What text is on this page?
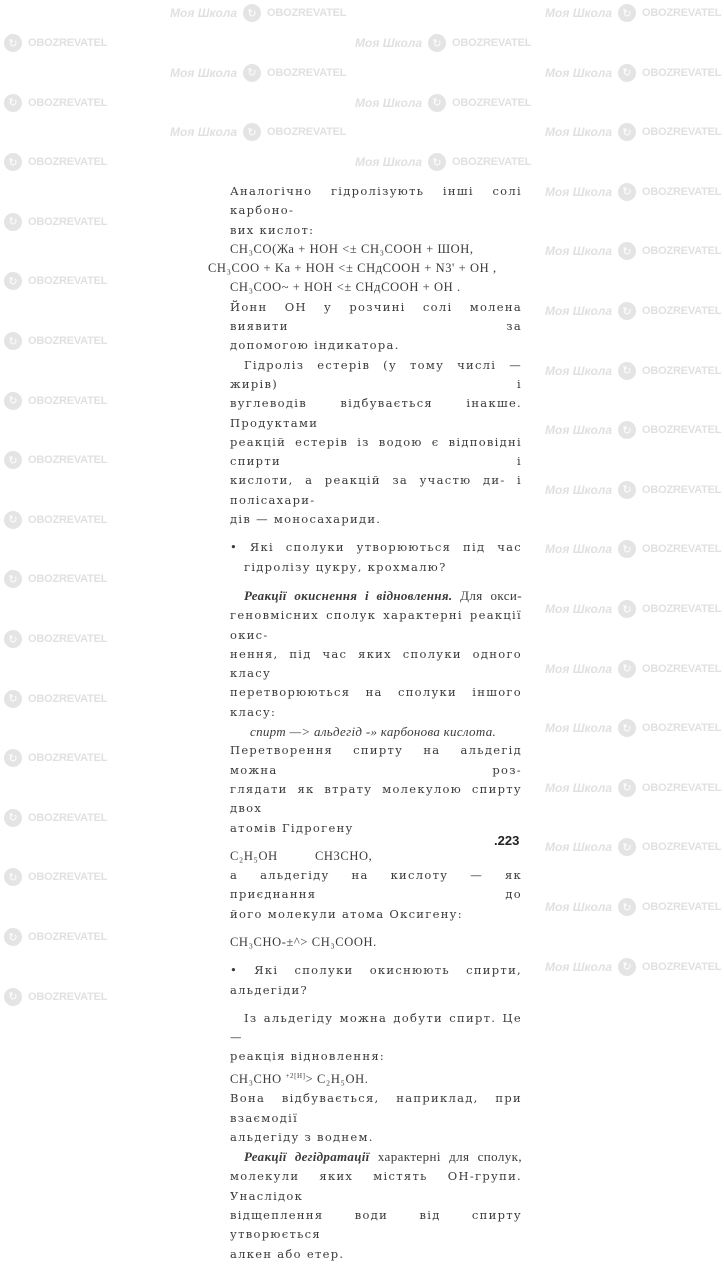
Моя Школа ↻ OBOZREVATEL	Моя Школа ↻ OBOZREVATEL
↻ OBOZREVATEL	Моя Школа ↻ OBOZREVATEL
Моя Школа ↻ OBOZREVATEL	Моя Школа ↻ OBOZREVATEL
↻ OBOZREVATEL	Моя Школа ↻ OBOZREVATEL
Моя Школа ↻ OBOZREVATEL	Моя Школа ↻ OBOZREVATEL
↻ OBOZREVATEL	Моя Школа ↻ OBOZREVATEL
Моя Школа ↻ OBOZREVATEL
↻ OBOZREVATEL
Моя Школа ↻ OBOZREVATEL
↻ OBOZREVATEL
Моя Школа ↻ OBOZREVATEL
↻ OBOZREVATEL
Моя Школа ↻ OBOZREVATEL
↻ OBOZREVATEL
Моя Школа ↻ OBOZREVATEL
↻ OBOZREVATEL
Моя Школа ↻ OBOZREVATEL
↻ OBOZREVATEL
Моя Школа ↻ OBOZREVATEL
↻ OBOZREVATEL
Моя Школа ↻ OBOZREVATEL
↻ OBOZREVATEL
Моя Школа ↻ OBOZREVATEL
↻ OBOZREVATEL
Моя Школа ↻ OBOZREVATEL
↻ OBOZREVATEL
Моя Школа ↻ OBOZREVATEL
↻ OBOZREVATEL
Моя Школа ↻ OBOZREVATEL
↻ OBOZREVATEL
Моя Школа ↻ OBOZREVATEL
↻ OBOZREVATEL
Моя Школа ↻ OBOZREVATEL
↻ OBOZREVATEL

Аналогічно гідролізують інші солі карбоно-

вих кислот:

CH₃CO(Жа + HOH <± CH₃COOH + ШОН,

CH₃COO + Ka + HOH <± CHдCOOH + N3' + OH ,

CH₃COO~ + HOH <± CHдCOOH + OH .

Йонн ОН у розчині солі молена виявити за

допомогою індикатора.

Гідроліз естерів (у тому числі — жирів) і

вуглеводів відбувається інакше. Продуктами

реакцій естерів із водою є відповідні спирти і

кислоти, а реакцій за участю ди- і полісахари-

дів — моносахариди.

• Які сполуки утворюються під час гідролізу цукру, крохмалю?

Реакції окиснення і відновлення. Для окси-

геновмісних сполук характерні реакції окис-

нення, під час яких сполуки одного класу

перетворюються на сполуки іншого класу:

спирт —> альдегід -» карбонова кислота.

Перетворення спирту на альдегід можна роз-

глядати як втрату молекулою спирту двох

атомів Гідрогену

C₂H₅OH          CH3CHO,

а альдегіду на кислоту — як приєднання до

його молекули атома Оксигену:

CH₃CHO-±^> CH₃COOH.

• Які сполуки окиснюють спирти, альдегіди?

Із альдегіду можна добути спирт. Це —

реакція відновлення:

CH₃CHO $^{+2[H]}$> C₂H₅OH.

Вона відбувається, наприклад, при взаємодії

альдегіду з воднем.

Реакції дегідратації характерні для сполук,

молекули яких містять ОН-групи. Унаслідок

відщеплення води від спирту утворюється

алкен або етер.

.223
